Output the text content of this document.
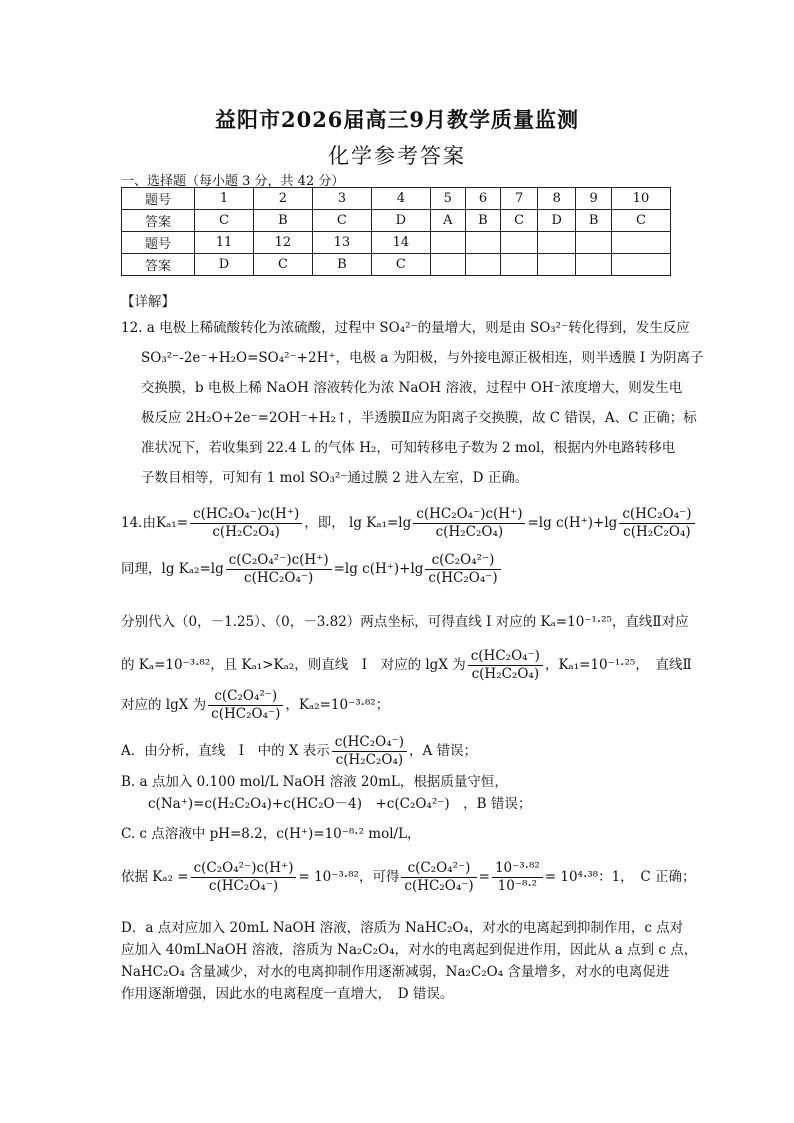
益阳市2026届高三9月教学质量监测
化学参考答案
一、选择题（每小题 3 分，共 42 分）
题号	1	2	3	4	5	6	7	8	9	10
答案	C	B	C	D	A	B	C	D	B	C
题号	11	12	13	14						
答案	D	C	B	C						
【详解】
12. a 电极上稀硫酸转化为浓硫酸，过程中 SO₄²⁻的量增大，则是由 SO₃²⁻转化得到，发生反应
SO₃²⁻-2e⁻+H₂O=SO₄²⁻+2H⁺，电极 a 为阳极，与外接电源正极相连，则半透膜 I 为阴离子
交换膜，b 电极上稀 NaOH 溶液转化为浓 NaOH 溶液，过程中 OH⁻浓度增大，则发生电
极反应 2H₂O+2e⁻=2OH⁻+H₂↑，半透膜Ⅱ应为阳离子交换膜，故 C 错误，A、C 正确；标
准状况下，若收集到 22.4 L 的气体 H₂，可知转移电子数为 2 mol，根据内外电路转移电
子数目相等，可知有 1 mol SO₃²⁻通过膜 2 进入左室，D 正确。
14.由$K_{a1}= \frac{\text{c(HC₂O₄⁻)c(H⁺)}}{\text{c(H₂C₂O₄)}}$ ，即， $\lg K_{a1}=\lg \frac{\text{c(HC₂O₄⁻)c(H⁺)}}{\text{c(H₂C₂O₄)}} =\lg$ $c(H^+)+\lg \frac{\text{c(HC₂O₄⁻)}}{\text{c(H₂C₂O₄)}}$
同理，$\lg K_{a2}=\lg \frac{\text{c(C₂O₄²⁻)c(H⁺)}}{\text{c(HC₂O₄⁻)}} =\lg$ $c(H^+)+\lg \frac{\text{c(C₂O₄²⁻)}}{\text{c(HC₂O₄⁻)}}$
分别代入（0，－1.25）、（0，－3.82）两点坐标，可得直线 I 对应的 Kₐ=10⁻¹·²⁵，直线Ⅱ对应
的 Kₐ=10⁻³·⁸²，且 Kₐ₁>Kₐ₂，则直线　I　对应的 lgX 为 $\frac{\text{c(HC₂O₄⁻)}}{\text{c(H₂C₂O₄)}}$ ，Kₐ₁=10⁻¹·²⁵，　直线Ⅱ
对应的 lgX 为 $\frac{\text{c(C₂O₄²⁻)}}{\text{c(HC₂O₄⁻)}}$ ，Kₐ₂=10⁻³·⁸²；
A．由分析，直线　I　中的 X 表示 $\frac{\text{c(HC₂O₄⁻)}}{\text{c(H₂C₂O₄)}}$ ，A 错误；
B. a 点加入 0.100 mol/L NaOH 溶液 20mL，根据质量守恒，
c(Na⁺)=c(H₂C₂O₄)+c(HC₂O－4)　+c(C₂O₄²⁻)　，B 错误；
C. c 点溶液中 pH=8.2，c(H⁺)=10⁻⁸·² mol/L，
依据 $K_{a2} = \frac{\text{c(C₂O₄²⁻)c(H⁺)}}{\text{c(HC₂O₄⁻)}} = 10^{-3}\cdot^{82}$，可得 $\frac{\text{c(C₂O₄²⁻)}}{\text{c(HC₂O₄⁻)}} = \frac{\text{10⁻³·⁸²}}{\text{10⁻⁸·²}} = 10^4\cdot^{38}$：1，　C 正确；
D．a 点对应加入 20mL NaOH 溶液，溶质为 NaHC₂O₄，对水的电离起到抑制作用，c 点对
应加入 40mLNaOH 溶液，溶质为 Na₂C₂O₄，对水的电离起到促进作用，因此从 a 点到 c 点，
NaHC₂O₄ 含量减少，对水的电离抑制作用逐渐减弱，Na₂C₂O₄ 含量增多，对水的电离促进
作用逐渐增强，因此水的电离程度一直增大，　D 错误。
